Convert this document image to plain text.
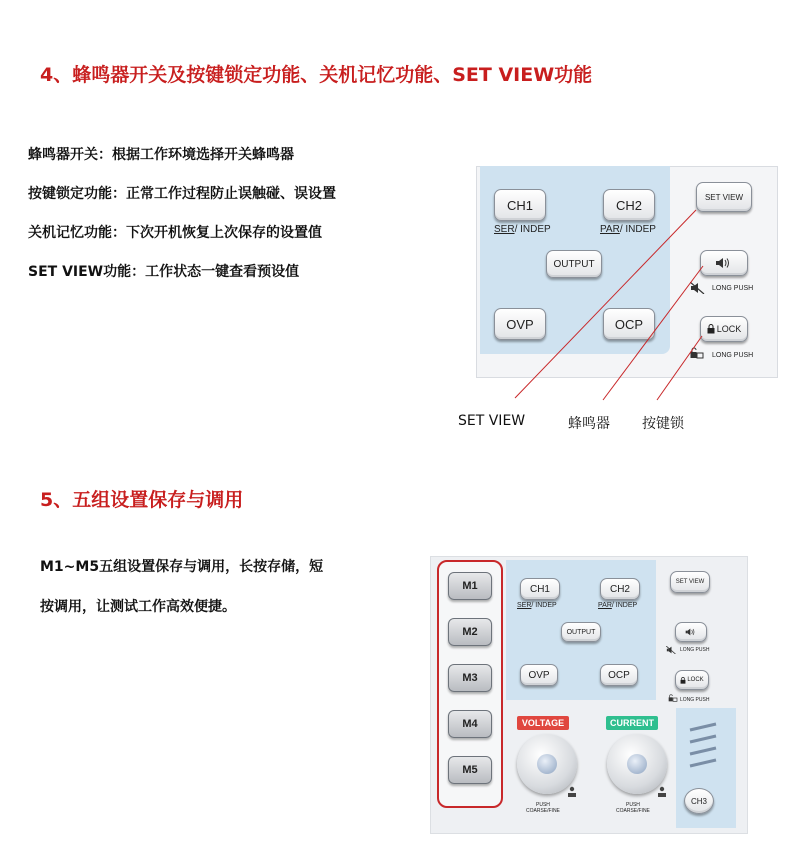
4、蜂鸣器开关及按键锁定功能、关机记忆功能、SET VIEW功能
蜂鸣器开关：根据工作环境选择开关蜂鸣器
按键锁定功能：正常工作过程防止误触碰、误设置
关机记忆功能：下次开机恢复上次保存的设置值
SET VIEW功能：工作状态一键查看预设值
CH1
SER/ INDEP
CH2
PAR/ INDEP
OUTPUT
OVP	OCP
SET VIEW
LONG PUSH
LOCK
LONG PUSH
SET VIEW	蜂鸣器 按键锁
5、五组设置保存与调用
M1~M5五组设置保存与调用，长按存储，短
按调用，让测试工作高效便捷。
M1
M2
M3
M4
M5
CH1
SER/ INDEP
CH2
PAR/ INDEP
OUTPUT
OVP	OCP
SET VIEW
LONG PUSH
LOCK
LONG PUSH
VOLTAGE	CURRENT
PUSH
COARSE/FINE
PUSH
COARSE/FINE
CH3
